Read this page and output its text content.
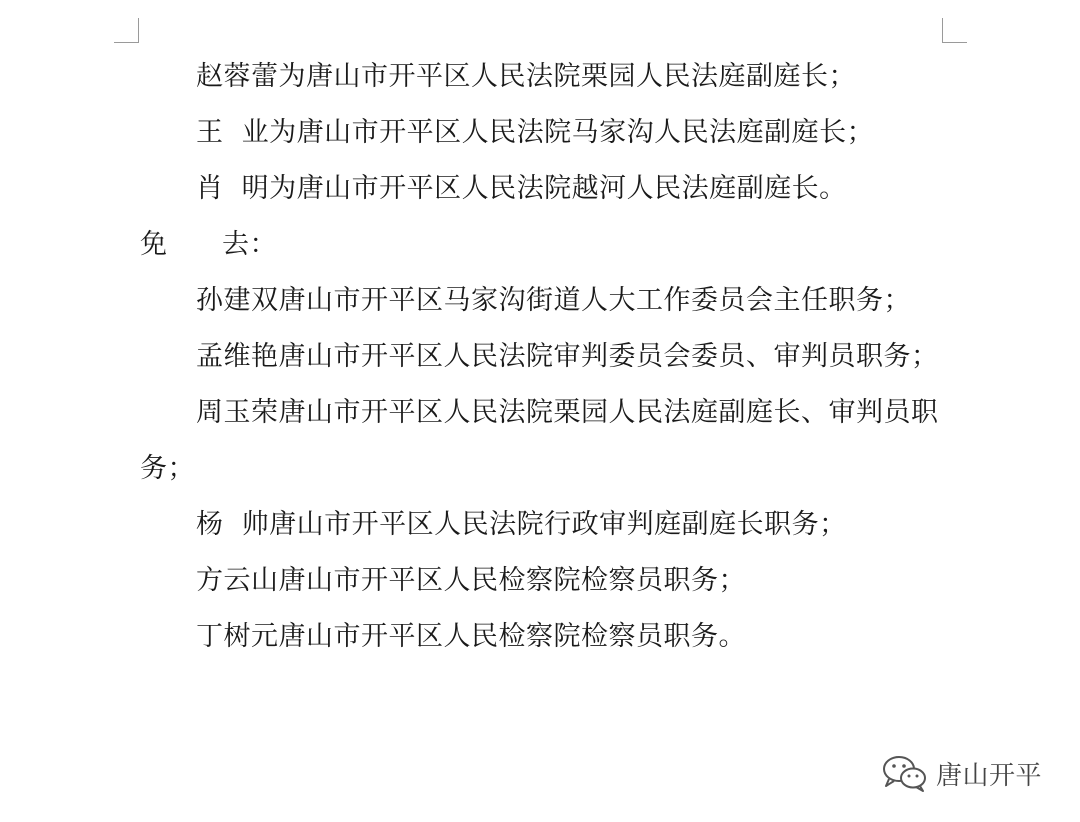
赵蓉蕾为唐山市开平区人民法院栗园人民法庭副庭长；

王  业为唐山市开平区人民法院马家沟人民法庭副庭长；

肖  明为唐山市开平区人民法院越河人民法庭副庭长。

免      去：

孙建双唐山市开平区马家沟街道人大工作委员会主任职务；

孟维艳唐山市开平区人民法院审判委员会委员、审判员职务；

周玉荣唐山市开平区人民法院栗园人民法庭副庭长、审判员职务；

杨  帅唐山市开平区人民法院行政审判庭副庭长职务；

方云山唐山市开平区人民检察院检察员职务；

丁树元唐山市开平区人民检察院检察员职务。

唐山开平
